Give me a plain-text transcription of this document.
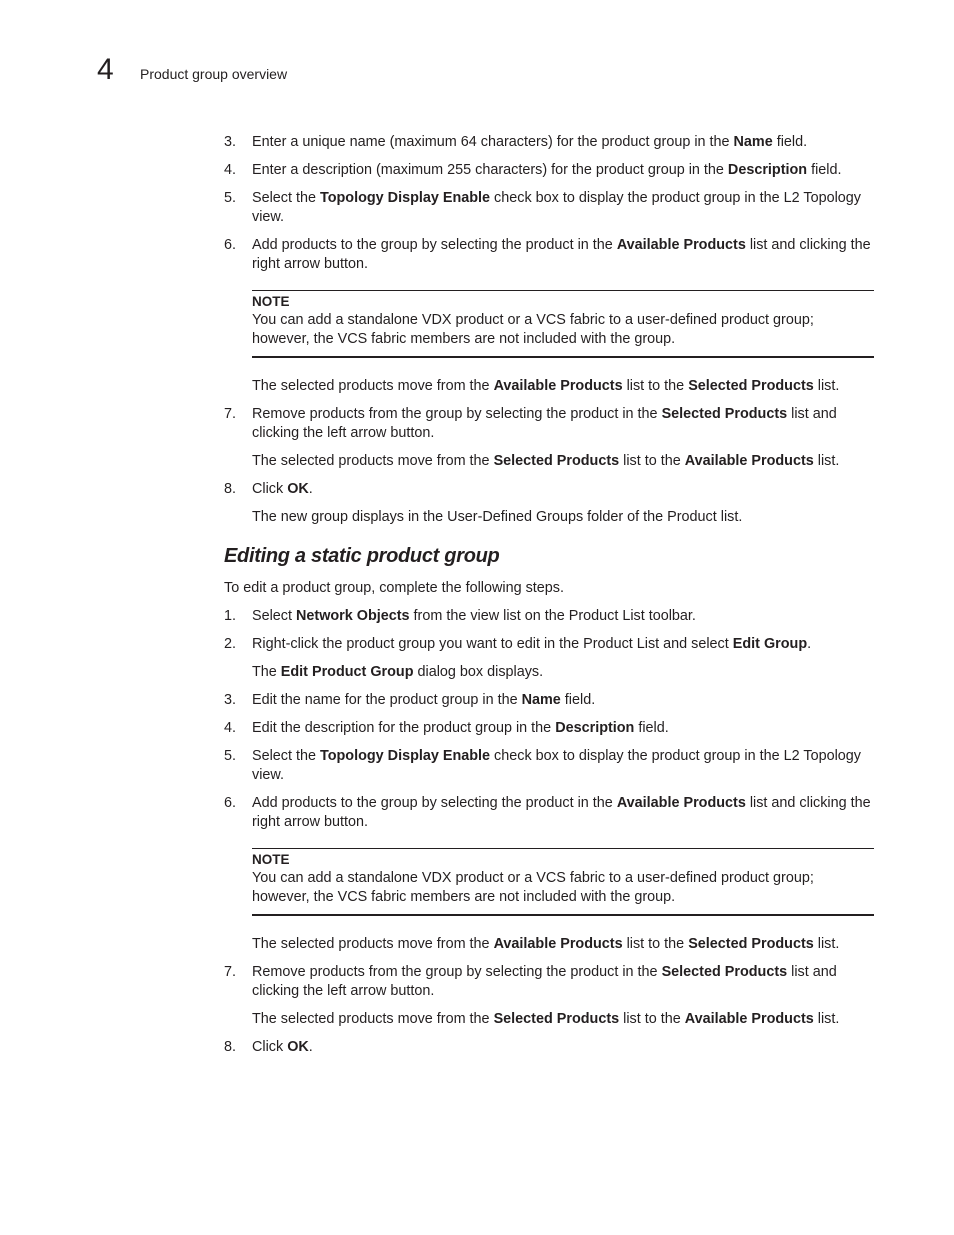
4 Product group overview
3. Enter a unique name (maximum 64 characters) for the product group in the Name field.
4. Enter a description (maximum 255 characters) for the product group in the Description field.
5. Select the Topology Display Enable check box to display the product group in the L2 Topology view.
6. Add products to the group by selecting the product in the Available Products list and clicking the right arrow button.
NOTE
You can add a standalone VDX product or a VCS fabric to a user-defined product group; however, the VCS fabric members are not included with the group.
The selected products move from the Available Products list to the Selected Products list.
7. Remove products from the group by selecting the product in the Selected Products list and clicking the left arrow button.
The selected products move from the Selected Products list to the Available Products list.
8. Click OK.
The new group displays in the User-Defined Groups folder of the Product list.
Editing a static product group
To edit a product group, complete the following steps.
1. Select Network Objects from the view list on the Product List toolbar.
2. Right-click the product group you want to edit in the Product List and select Edit Group.
The Edit Product Group dialog box displays.
3. Edit the name for the product group in the Name field.
4. Edit the description for the product group in the Description field.
5. Select the Topology Display Enable check box to display the product group in the L2 Topology view.
6. Add products to the group by selecting the product in the Available Products list and clicking the right arrow button.
NOTE
You can add a standalone VDX product or a VCS fabric to a user-defined product group; however, the VCS fabric members are not included with the group.
The selected products move from the Available Products list to the Selected Products list.
7. Remove products from the group by selecting the product in the Selected Products list and clicking the left arrow button.
The selected products move from the Selected Products list to the Available Products list.
8. Click OK.
